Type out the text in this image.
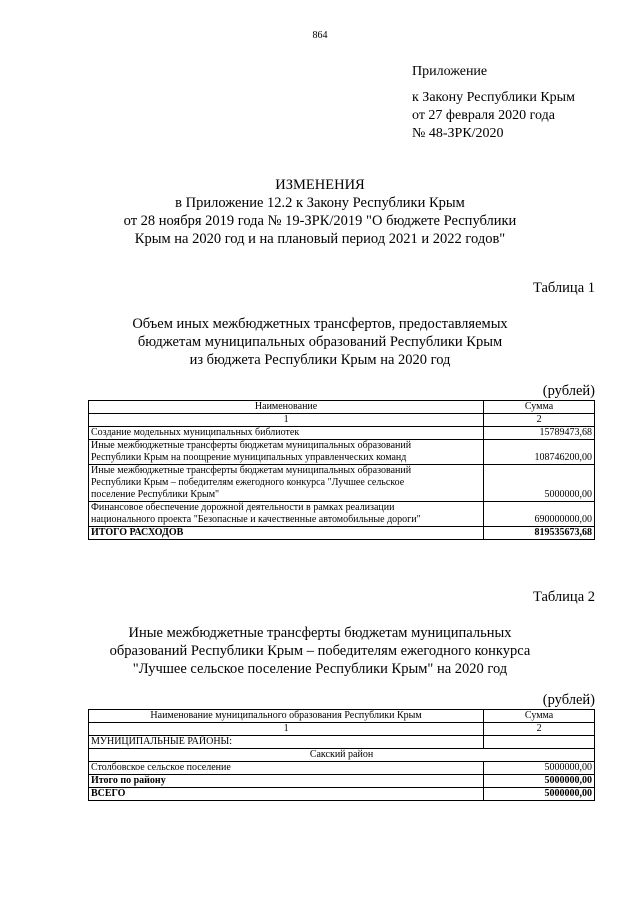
864
Приложение
к Закону Республики Крым
от 27 февраля 2020 года
№ 48-ЗРК/2020
ИЗМЕНЕНИЯ
в Приложение 12.2 к Закону Республики Крым
от 28 ноября 2019 года № 19-ЗРК/2019 "О бюджете Республики
Крым на 2020 год и на плановый период 2021 и 2022 годов"
Таблица 1
Объем иных межбюджетных трансфертов, предоставляемых
бюджетам муниципальных образований Республики Крым
из бюджета Республики Крым на 2020 год
(рублей)
Наименование	Сумма
1	2

Создание модельных муниципальных библиотек	15789473,68

Иные межбюджетные трансферты бюджетам муниципальных образований
Республики Крым на поощрение муниципальных управленческих команд	108746200,00

Иные межбюджетные трансферты бюджетам муниципальных образований
Республики Крым – победителям ежегодного конкурса "Лучшее сельское
поселение Республики Крым"	5000000,00

Финансовое обеспечение дорожной деятельности в рамках реализации
национального проекта "Безопасные и качественные автомобильные дороги"	690000000,00
ИТОГО РАСХОДОВ	819535673,68
Таблица 2
Иные межбюджетные трансферты бюджетам муниципальных
образований Республики Крым – победителям ежегодного конкурса
"Лучшее сельское поселение Республики Крым" на 2020 год
(рублей)
Наименование муниципального образования Республики Крым	Сумма
1	2
МУНИЦИПАЛЬНЫЕ РАЙОНЫ:	
Сакский район	
Столбовское сельское поселение	5000000,00
Итого по району	5000000,00
ВСЕГО	5000000,00
